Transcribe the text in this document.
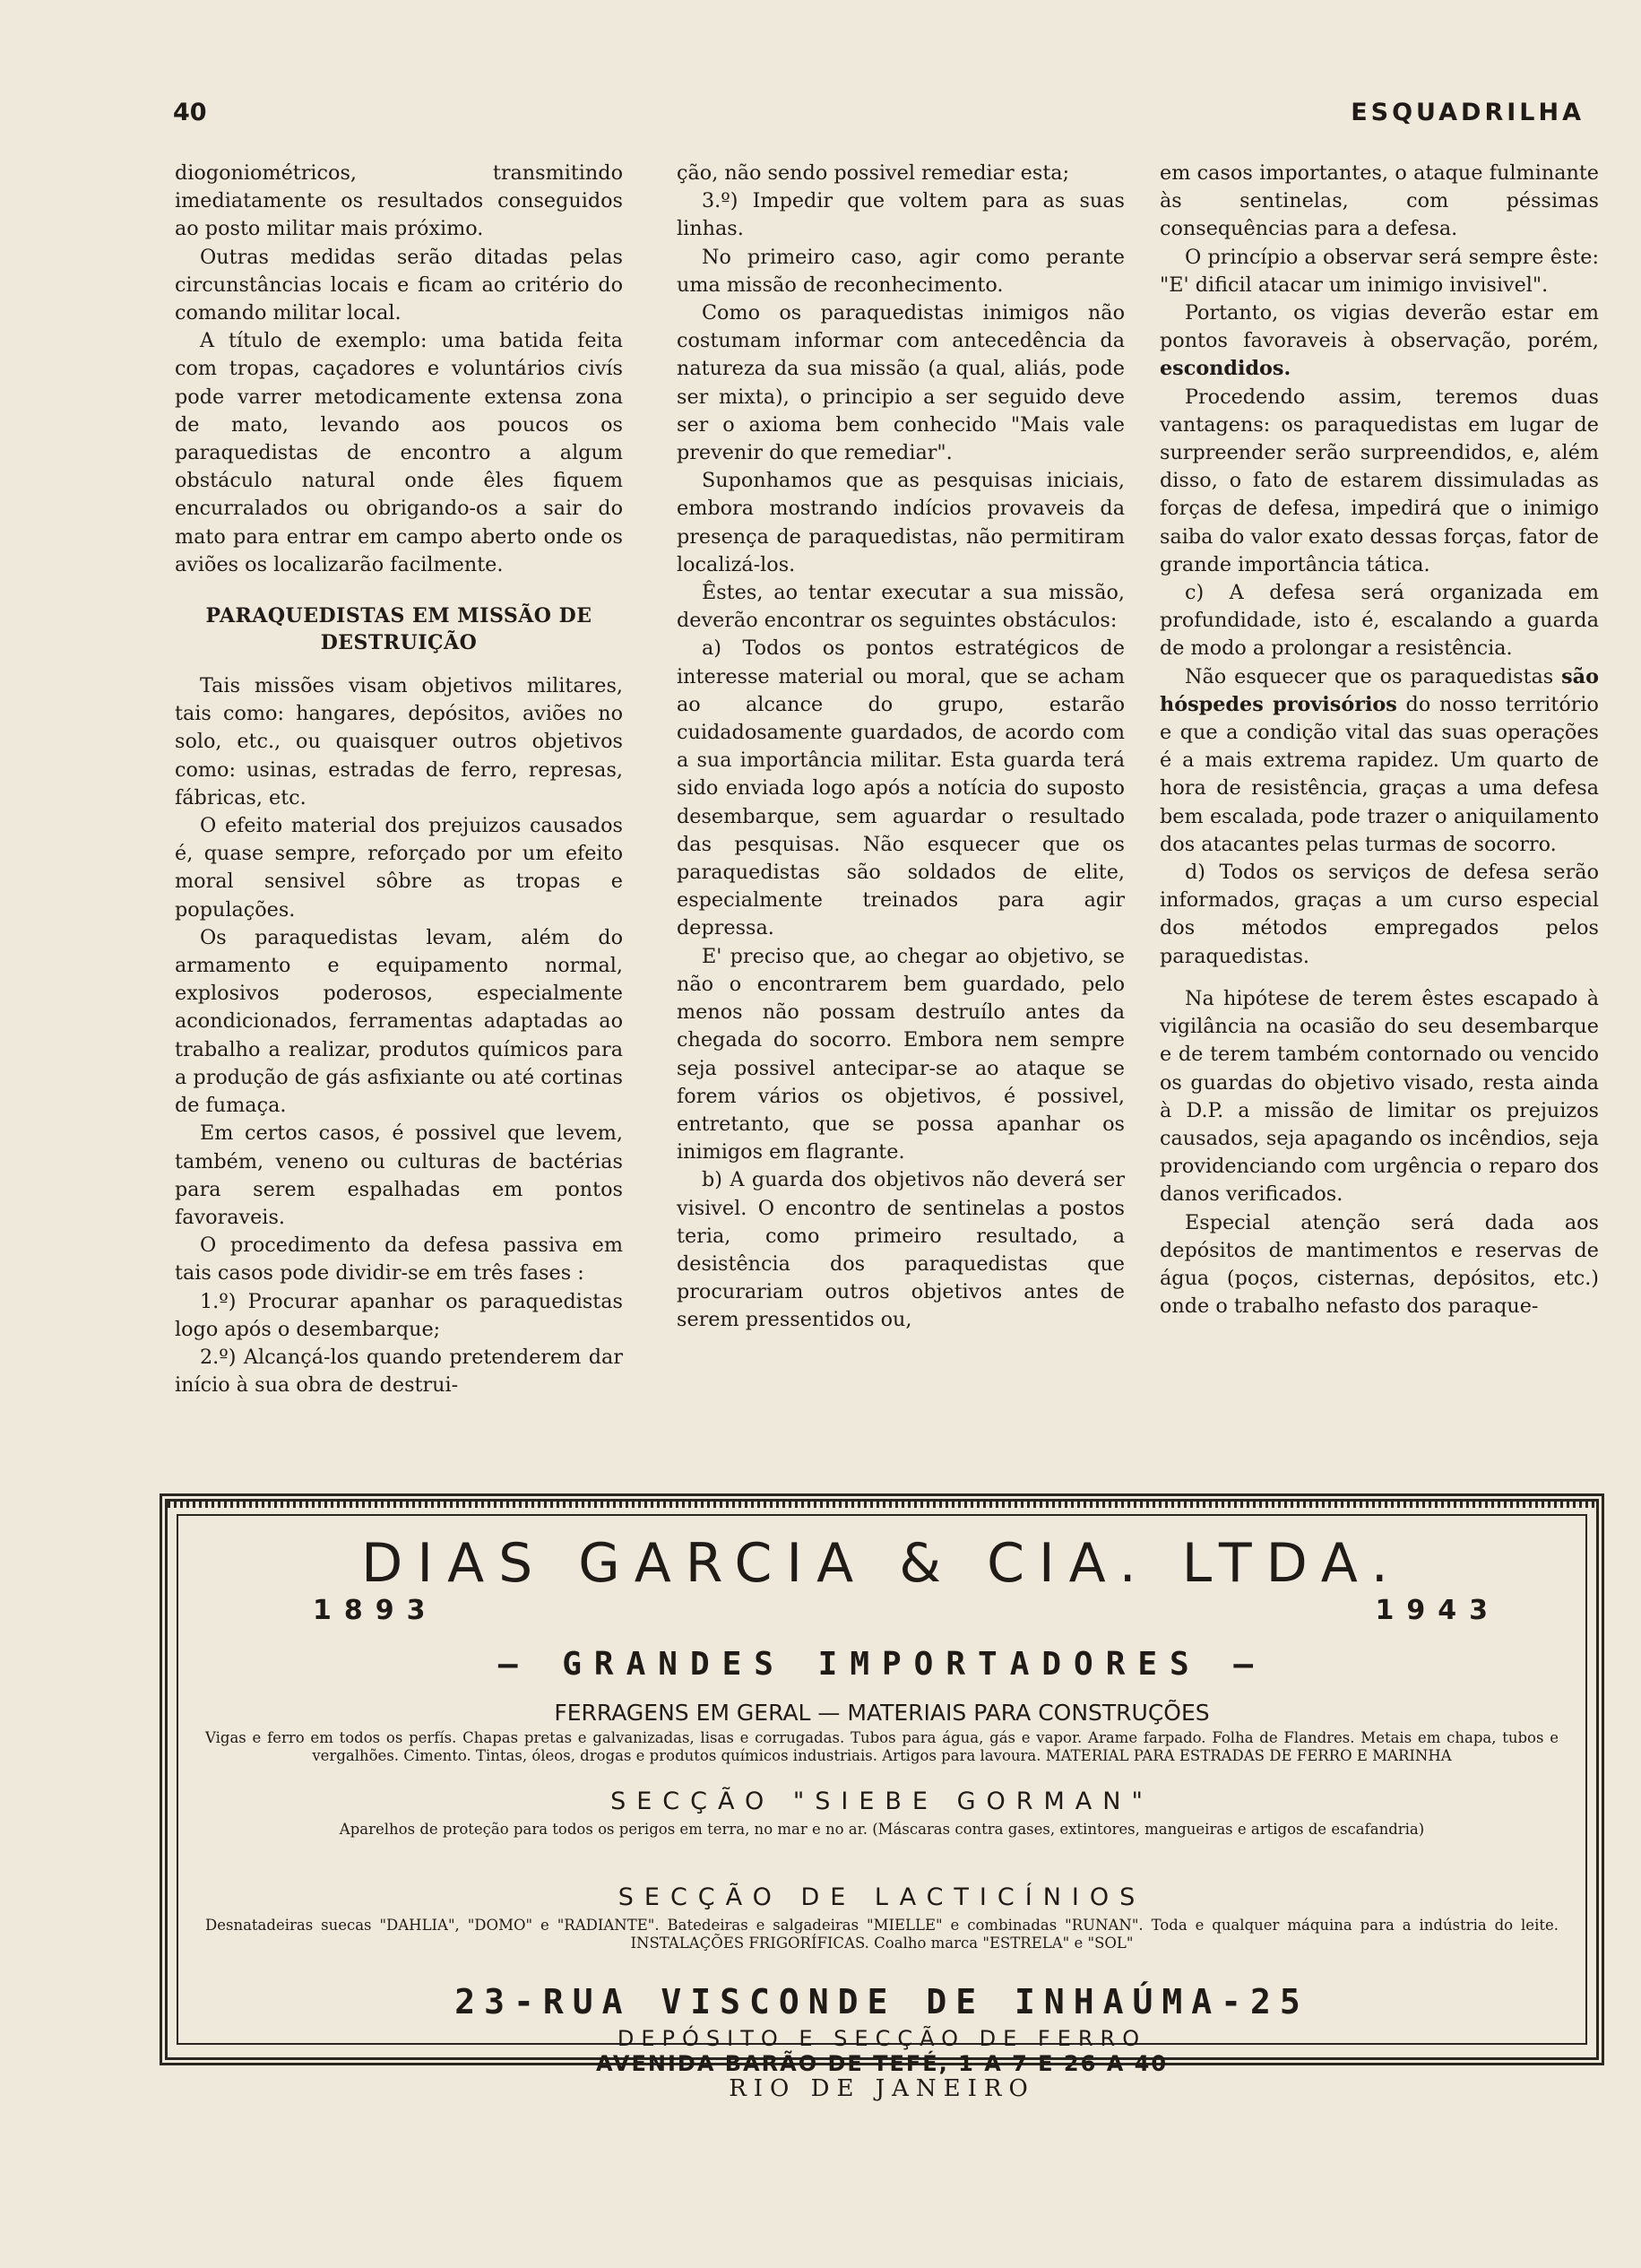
40	ESQUADRILHA

diogoniométricos, transmitindo imediatamente os resultados conseguidos ao posto militar mais próximo.

Outras medidas serão ditadas pelas circunstâncias locais e ficam ao critério do comando militar local.

A título de exemplo: uma batida feita com tropas, caçadores e voluntários civís pode varrer metodicamente extensa zona de mato, levando aos poucos os paraquedistas de encontro a algum obstáculo natural onde êles fiquem encurralados ou obrigando-os a sair do mato para entrar em campo aberto onde os aviões os localizarão facilmente.

PARAQUEDISTAS EM MISSÃO DE DESTRUIÇÃO

Tais missões visam objetivos militares, tais como: hangares, depósitos, aviões no solo, etc., ou quaisquer outros objetivos como: usinas, estradas de ferro, represas, fábricas, etc.

O efeito material dos prejuizos causados é, quase sempre, reforçado por um efeito moral sensivel sôbre as tropas e populações.

Os paraquedistas levam, além do armamento e equipamento normal, explosivos poderosos, especialmente acondicionados, ferramentas adaptadas ao trabalho a realizar, produtos químicos para a produção de gás asfixiante ou até cortinas de fumaça.

Em certos casos, é possivel que levem, também, veneno ou culturas de bactérias para serem espalhadas em pontos favoraveis.

O procedimento da defesa passiva em tais casos pode dividir-se em três fases :

1.º) Procurar apanhar os paraquedistas logo após o desembarque;

2.º) Alcançá-los quando pretenderem dar início à sua obra de destrui-

ção, não sendo possivel remediar esta;

3.º) Impedir que voltem para as suas linhas.

No primeiro caso, agir como perante uma missão de reconhecimento.

Como os paraquedistas inimigos não costumam informar com antecedência da natureza da sua missão (a qual, aliás, pode ser mixta), o principio a ser seguido deve ser o axioma bem conhecido "Mais vale prevenir do que remediar".

Suponhamos que as pesquisas iniciais, embora mostrando indícios provaveis da presença de paraquedistas, não permitiram localizá-los.

Êstes, ao tentar executar a sua missão, deverão encontrar os seguintes obstáculos:

a) Todos os pontos estratégicos de interesse material ou moral, que se acham ao alcance do grupo, estarão cuidadosamente guardados, de acordo com a sua importância militar. Esta guarda terá sido enviada logo após a notícia do suposto desembarque, sem aguardar o resultado das pesquisas. Não esquecer que os paraquedistas são soldados de elite, especialmente treinados para agir depressa.

E' preciso que, ao chegar ao objetivo, se não o encontrarem bem guardado, pelo menos não possam destruílo antes da chegada do socorro. Embora nem sempre seja possivel antecipar-se ao ataque se forem vários os objetivos, é possivel, entretanto, que se possa apanhar os inimigos em flagrante.

b) A guarda dos objetivos não deverá ser visivel. O encontro de sentinelas a postos teria, como primeiro resultado, a desistência dos paraquedistas que procurariam outros objetivos antes de serem pressentidos ou,

em casos importantes, o ataque fulminante às sentinelas, com péssimas consequências para a defesa.

O princípio a observar será sempre êste: "E' dificil atacar um inimigo invisivel".

Portanto, os vigias deverão estar em pontos favoraveis à observação, porém, escondidos.

Procedendo assim, teremos duas vantagens: os paraquedistas em lugar de surpreender serão surpreendidos, e, além disso, o fato de estarem dissimuladas as forças de defesa, impedirá que o inimigo saiba do valor exato dessas forças, fator de grande importância tática.

c) A defesa será organizada em profundidade, isto é, escalando a guarda de modo a prolongar a resistência.

Não esquecer que os paraquedistas são hóspedes provisórios do nosso território e que a condição vital das suas operações é a mais extrema rapidez. Um quarto de hora de resistência, graças a uma defesa bem escalada, pode trazer o aniquilamento dos atacantes pelas turmas de socorro.

d) Todos os serviços de defesa serão informados, graças a um curso especial dos métodos empregados pelos paraquedistas.

Na hipótese de terem êstes escapado à vigilância na ocasião do seu desembarque e de terem também contornado ou vencido os guardas do objetivo visado, resta ainda à D.P. a missão de limitar os prejuizos causados, seja apagando os incêndios, seja providenciando com urgência o reparo dos danos verificados.

Especial atenção será dada aos depósitos de mantimentos e reservas de água (poços, cisternas, depósitos, etc.) onde o trabalho nefasto dos paraque-

DIAS GARCIA & CIA. LTDA.
1893	1943
— GRANDES IMPORTADORES —
FERRAGENS EM GERAL — MATERIAIS PARA CONSTRUÇÕES
Vigas e ferro em todos os perfís. Chapas pretas e galvanizadas, lisas e corrugadas. Tubos para água, gás e vapor. Arame farpado. Folha de Flandres. Metais em chapa, tubos e vergalhões. Cimento. Tintas, óleos, drogas e produtos químicos industriais. Artigos para lavoura. MATERIAL PARA ESTRADAS DE FERRO E MARINHA
SECÇÃO "SIEBE GORMAN"
Aparelhos de proteção para todos os perigos em terra, no mar e no ar. (Máscaras contra gases, extintores, mangueiras e artigos de escafandria)
SECÇÃO DE LACTICÍNIOS
Desnatadeiras suecas "DAHLIA", "DOMO" e "RADIANTE". Batedeiras e salgadeiras "MIELLE" e combinadas "RUNAN". Toda e qualquer máquina para a indústria do leite. INSTALAÇÕES FRIGORÍFICAS. Coalho marca "ESTRELA" e "SOL"
23-RUA VISCONDE DE INHAÚMA-25
DEPÓSITO E SECÇÃO DE FERRO
AVENIDA BARÃO DE TEFÉ, 1 A 7 E 26 A 40
RIO DE JANEIRO
